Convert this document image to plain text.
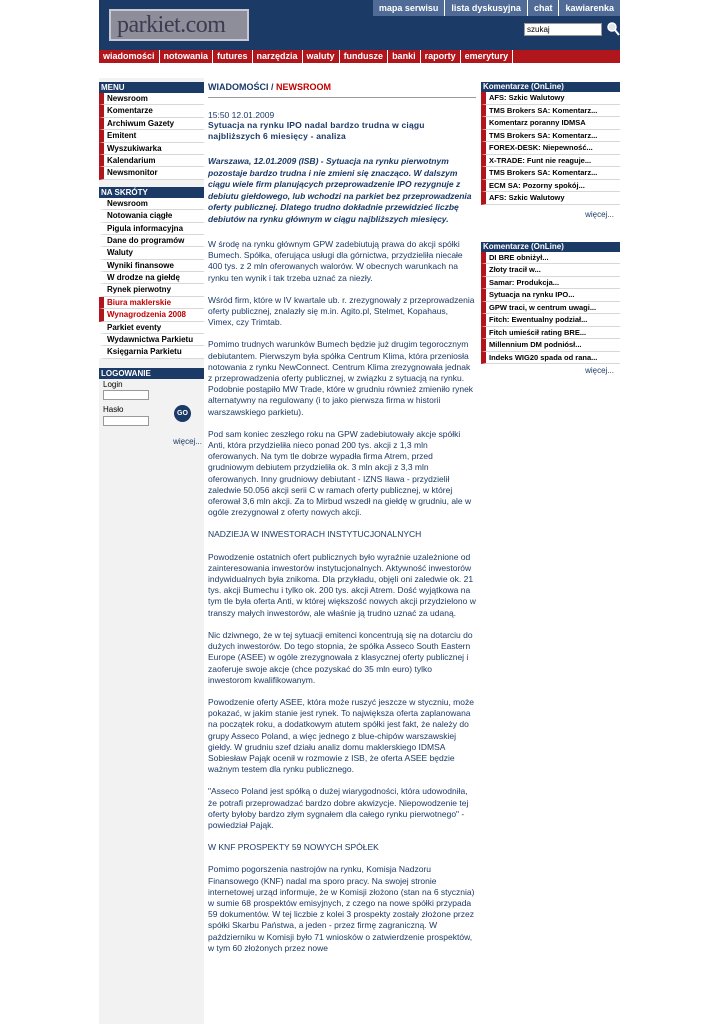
parkiet.com
mapa serwisu	lista dyskusyjna	chat	kawiarenka
szukaj
wiadomości	notowania	futures	narzędzia	waluty	fundusze	banki	raporty	emerytury
MENU
Newsroom
Komentarze
Archiwum Gazety
Emitent
Wyszukiwarka
Kalendarium
Newsmonitor
NA SKRÓTY
Newsroom
Notowania ciągłe
Pigula informacyjna
Dane do programów
Waluty
Wyniki finansowe
W drodze na giełdę
Rynek pierwotny
Biura maklerskie
Wynagrodzenia 2008
Parkiet eventy
Wydawnictwa Parkietu
Księgarnia Parkietu
LOGOWANIE
Login
Hasło	GO
więcej...
WIADOMOŚCI / NEWSROOM
15:50 12.01.2009
Sytuacja na rynku IPO nadal bardzo trudna w ciągu najbliższych 6 miesięcy - analiza
Warszawa, 12.01.2009 (ISB) - Sytuacja na rynku pierwotnym pozostaje bardzo trudna i nie zmieni się znacząco. W dalszym ciągu wiele firm planujących przeprowadzenie IPO rezygnuje z debiutu giełdowego, lub wchodzi na parkiet bez przeprowadzenia oferty publicznej. Dlatego trudno dokładnie przewidzieć liczbę debiutów na rynku głównym w ciągu najbliższych miesięcy.

W środę na rynku głównym GPW zadebiutują prawa do akcji spółki Bumech. Spółka, oferująca usługi dla górnictwa, przydzieliła niecałe 400 tys. z 2 mln oferowanych walorów. W obecnych warunkach na rynku ten wynik i tak trzeba uznać za niezły.

Wśród firm, które w IV kwartale ub. r. zrezygnowały z przeprowadzenia oferty publicznej, znalazły się m.in. Agito.pl, Stelmet, Kopahaus, Vimex, czy Trimtab.

Pomimo trudnych warunków Bumech będzie już drugim tegorocznym debiutantem. Pierwszym była spółka Centrum Klima, która przeniosła notowania z rynku NewConnect. Centrum Klima zrezygnowała jednak z przeprowadzenia oferty publicznej, w związku z sytuacją na rynku. Podobnie postąpiło MW Trade, które w grudniu również zmieniło rynek alternatywny na regulowany (i to jako pierwsza firma w historii warszawskiego parkietu).

Pod sam koniec zeszłego roku na GPW zadebiutowały akcje spółki Anti, która przydzieliła nieco ponad 200 tys. akcji z 1,3 mln oferowanych. Na tym tle dobrze wypadła firma Atrem, przed grudniowym debiutem przydzieliła ok. 3 mln akcji z 3,3 mln oferowanych. Inny grudniowy debiutant - IZNS Iława - przydzielił zaledwie 50.056 akcji serii C w ramach oferty publicznej, w której oferował 3,6 mln akcji. Za to Mirbud wszedł na giełdę w grudniu, ale w ogóle zrezygnował z oferty nowych akcji.

NADZIEJA W INWESTORACH INSTYTUCJONALNYCH

Powodzenie ostatnich ofert publicznych było wyraźnie uzależnione od zainteresowania inwestorów instytucjonalnych. Aktywność inwestorów indywidualnych była znikoma. Dla przykładu, objęli oni zaledwie ok. 21 tys. akcji Bumechu i tylko ok. 200 tys. akcji Atrem. Dość wyjątkowa na tym tle była oferta Anti, w której większość nowych akcji przydzielono w transzy małych inwestorów, ale właśnie ją trudno uznać za udaną.

Nic dziwnego, że w tej sytuacji emitenci koncentrują się na dotarciu do dużych inwestorów. Do tego stopnia, że spółka Asseco South Eastern Europe (ASEE) w ogóle zrezygnowała z klasycznej oferty publicznej i zaoferuje swoje akcje (chce pozyskać do 35 mln euro) tylko inwestorom kwalifikowanym.

Powodzenie oferty ASEE, która może ruszyć jeszcze w styczniu, może pokazać, w jakim stanie jest rynek. To największa oferta zaplanowana na początek roku, a dodatkowym atutem spółki jest fakt, że należy do grupy Asseco Poland, a więc jednego z blue-chipów warszawskiej giełdy. W grudniu szef działu analiz domu maklerskiego IDMSA Sobiesław Pająk ocenił w rozmowie z ISB, że oferta ASEE będzie ważnym testem dla rynku publicznego.

"Asseco Poland jest spółką o dużej wiarygodności, która udowodniła, że potrafi przeprowadzać bardzo dobre akwizycje. Niepowodzenie tej oferty byłoby bardzo złym sygnałem dla całego rynku pierwotnego" - powiedział Pająk.

W KNF PROSPEKTY 59 NOWYCH SPÓŁEK

Pomimo pogorszenia nastrojów na rynku, Komisja Nadzoru Finansowego (KNF) nadal ma sporo pracy. Na swojej stronie internetowej urząd informuje, że w Komisji złożono (stan na 6 stycznia) w sumie 68 prospektów emisyjnych, z czego na nowe spółki przypada 59 dokumentów. W tej liczbie z kolei 3 prospekty zostały złożone przez spółki Skarbu Państwa, a jeden - przez firmę zagraniczną. W październiku w Komisji było 71 wniosków o zatwierdzenie prospektów, w tym 60 złożonych przez nowe

Komentarze (OnLine)
AFS: Szkic Walutowy
TMS Brokers SA: Komentarz...
Komentarz poranny IDMSA
TMS Brokers SA: Komentarz...
FOREX-DESK: Niepewność...
X-TRADE: Funt nie reaguje...
TMS Brokers SA: Komentarz...
ECM SA: Pozorny spokój...
AFS: Szkic Walutowy
więcej...
Komentarze (OnLine)
DI BRE obniżył...
Złoty tracił w...
Samar: Produkcja...
Sytuacja na rynku IPO...
GPW traci, w centrum uwagi...
Fitch: Ewentualny podział...
Fitch umieścił rating BRE...
Millennium DM podniósł...
Indeks WIG20 spada od rana...
więcej...
